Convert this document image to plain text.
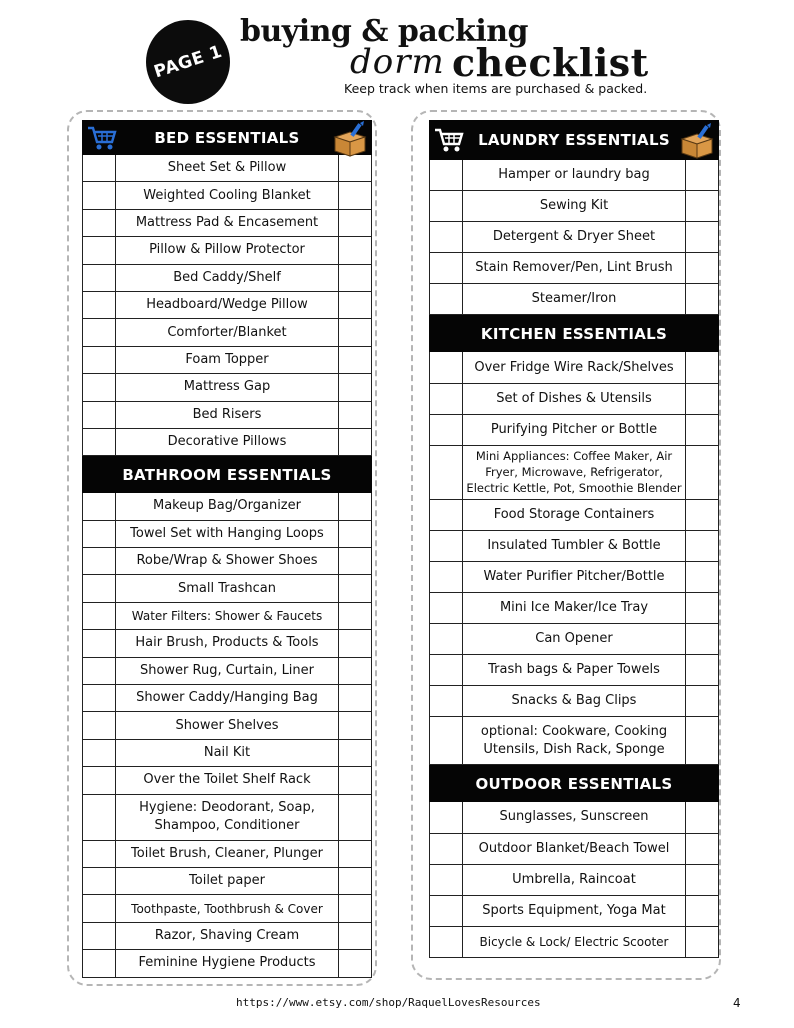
PAGE 1
buying & packing
dorm checklist
Keep track when items are purchased & packed.
BED ESSENTIALS
Sheet Set & Pillow
Weighted Cooling Blanket
Mattress Pad & Encasement
Pillow & Pillow Protector
Bed Caddy/Shelf
Headboard/Wedge Pillow
Comforter/Blanket
Foam Topper
Mattress Gap
Bed Risers
Decorative Pillows
BATHROOM ESSENTIALS
Makeup Bag/Organizer
Towel Set with Hanging Loops
Robe/Wrap & Shower Shoes
Small Trashcan
Water Filters: Shower & Faucets
Hair Brush, Products & Tools
Shower Rug, Curtain, Liner
Shower Caddy/Hanging Bag
Shower Shelves
Nail Kit
Over the Toilet Shelf Rack
Hygiene: Deodorant, Soap, Shampoo, Conditioner
Toilet Brush, Cleaner, Plunger
Toilet paper
Toothpaste, Toothbrush & Cover
Razor, Shaving Cream
Feminine Hygiene Products
LAUNDRY ESSENTIALS
Hamper or laundry bag
Sewing Kit
Detergent & Dryer Sheet
Stain Remover/Pen, Lint Brush
Steamer/Iron
KITCHEN ESSENTIALS
Over Fridge Wire Rack/Shelves
Set of Dishes & Utensils
Purifying Pitcher or Bottle
Mini Appliances: Coffee Maker, Air Fryer, Microwave, Refrigerator, Electric Kettle, Pot, Smoothie Blender
Food Storage Containers
Insulated Tumbler & Bottle
Water Purifier Pitcher/Bottle
Mini Ice Maker/Ice Tray
Can Opener
Trash bags & Paper Towels
Snacks & Bag Clips
optional: Cookware, Cooking Utensils, Dish Rack, Sponge
OUTDOOR ESSENTIALS
Sunglasses, Sunscreen
Outdoor Blanket/Beach Towel
Umbrella, Raincoat
Sports Equipment, Yoga Mat
Bicycle & Lock/ Electric Scooter
https://www.etsy.com/shop/RaquelLovesResources	4
